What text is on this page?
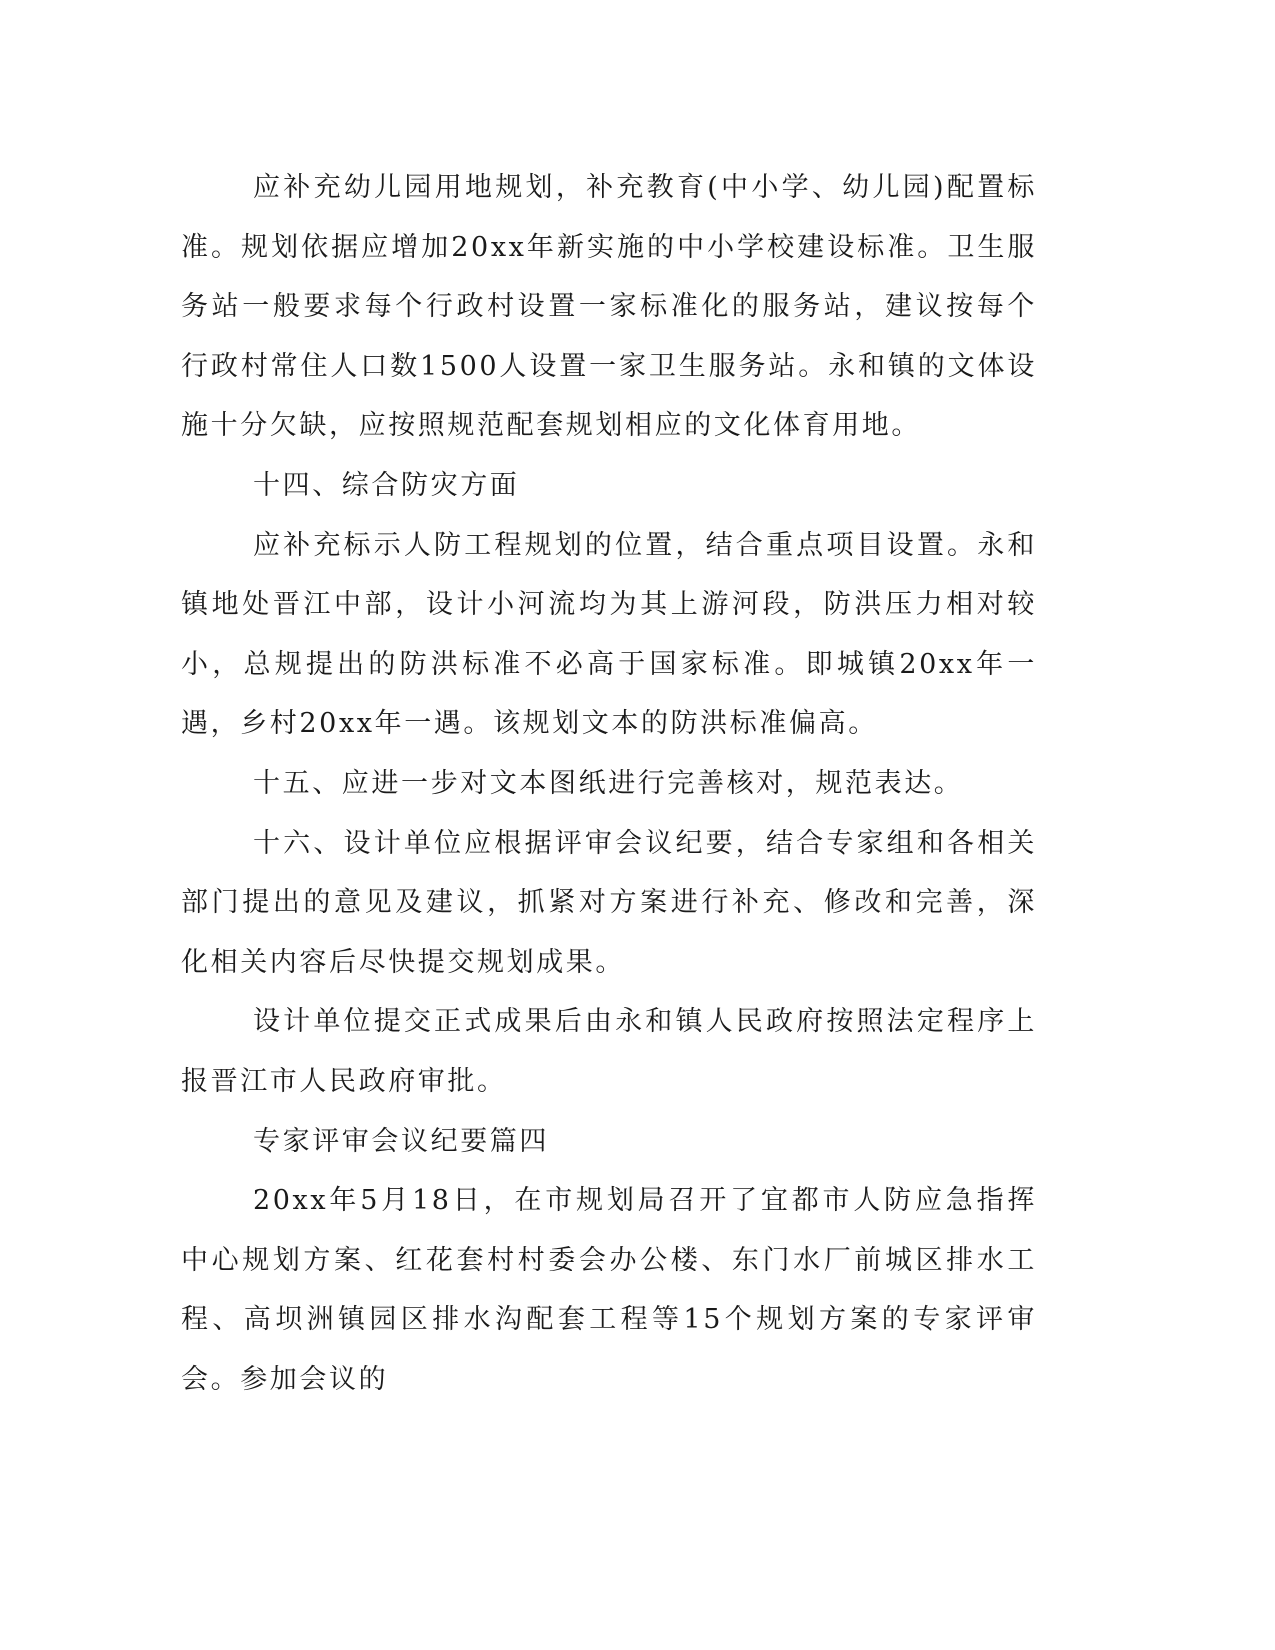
应补充幼儿园用地规划，补充教育(中小学、幼儿园)配置标准。规划依据应增加20xx年新实施的中小学校建设标准。卫生服务站一般要求每个行政村设置一家标准化的服务站，建议按每个行政村常住人口数1500人设置一家卫生服务站。永和镇的文体设施十分欠缺，应按照规范配套规划相应的文化体育用地。

十四、综合防灾方面

应补充标示人防工程规划的位置，结合重点项目设置。永和镇地处晋江中部，设计小河流均为其上游河段，防洪压力相对较小，总规提出的防洪标准不必高于国家标准。即城镇20xx年一遇，乡村20xx年一遇。该规划文本的防洪标准偏高。

十五、应进一步对文本图纸进行完善核对，规范表达。

十六、设计单位应根据评审会议纪要，结合专家组和各相关部门提出的意见及建议，抓紧对方案进行补充、修改和完善，深化相关内容后尽快提交规划成果。

设计单位提交正式成果后由永和镇人民政府按照法定程序上报晋江市人民政府审批。

专家评审会议纪要篇四

20xx年5月18日，在市规划局召开了宜都市人防应急指挥中心规划方案、红花套村村委会办公楼、东门水厂前城区排水工程、高坝洲镇园区排水沟配套工程等15个规划方案的专家评审会。参加会议的
